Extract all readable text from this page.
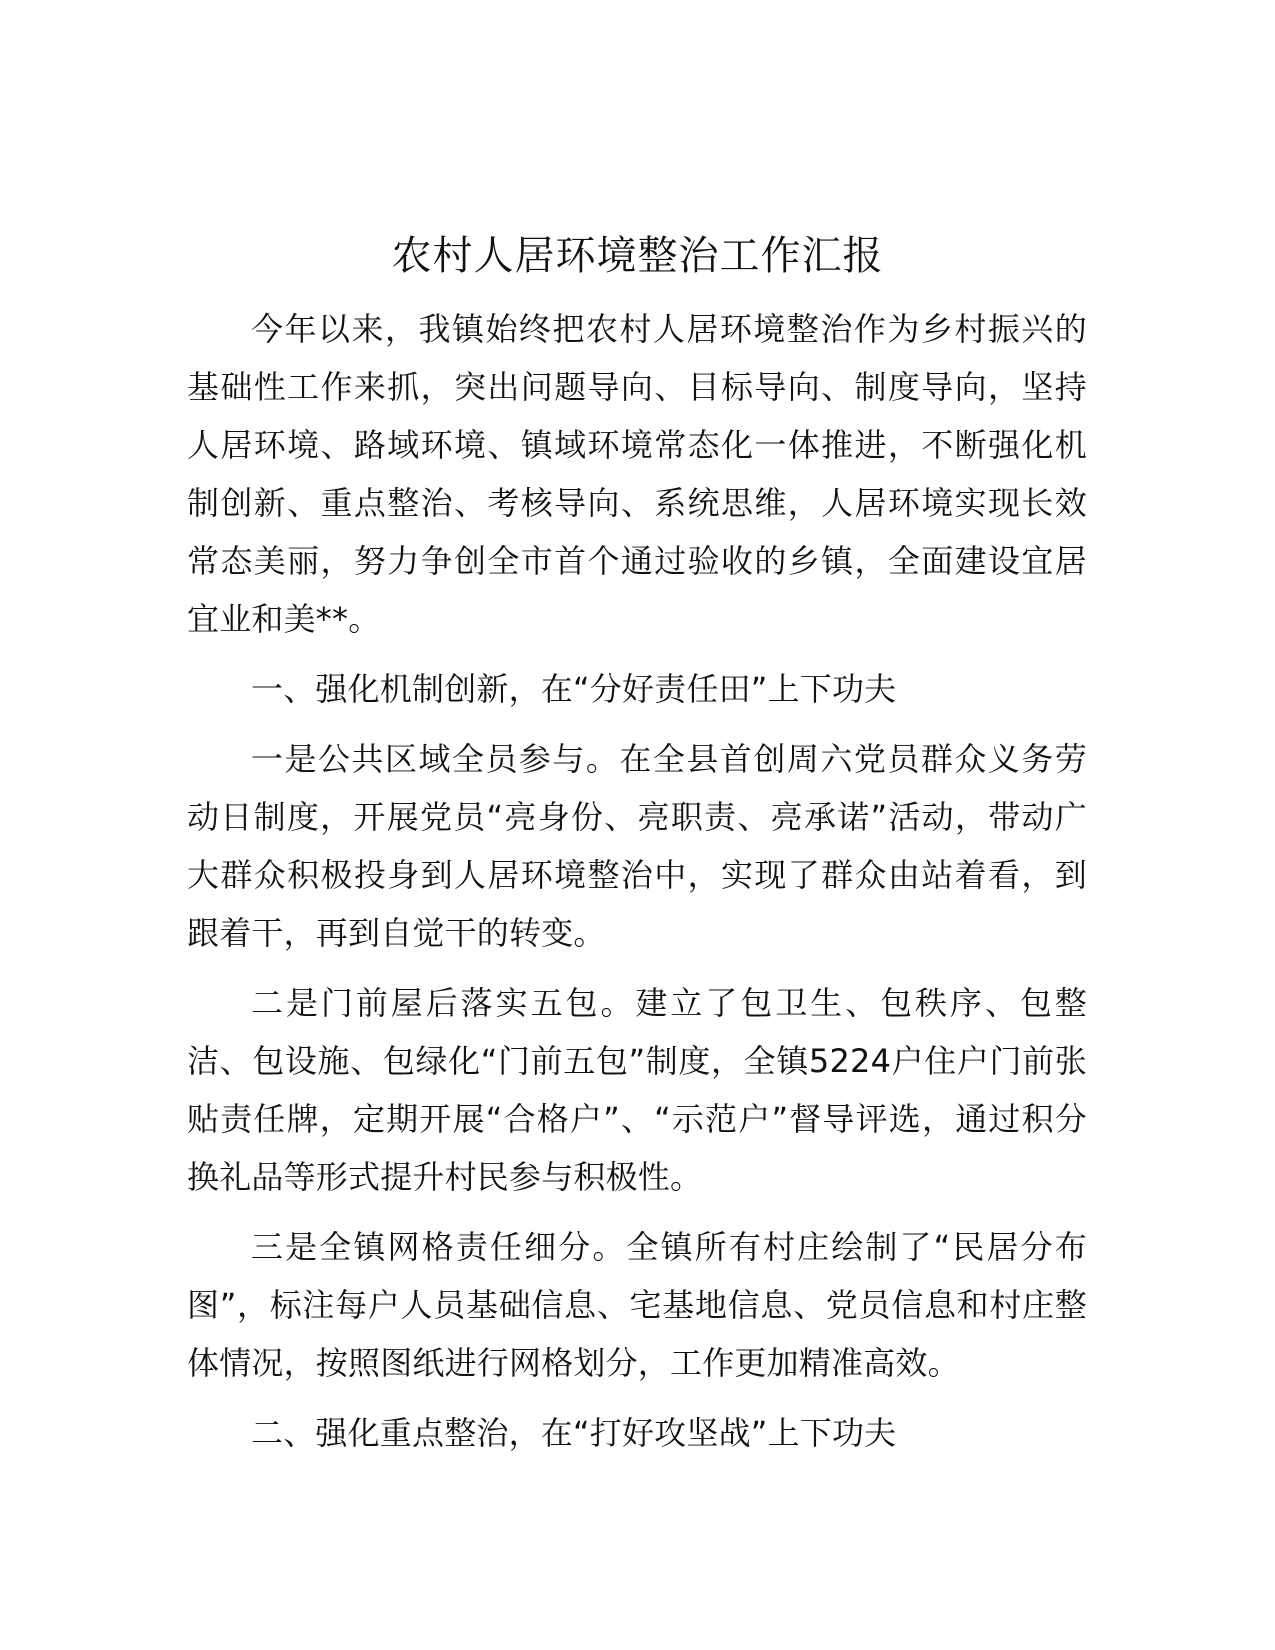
农村人居环境整治工作汇报

今年以来，我镇始终把农村人居环境整治作为乡村振兴的基础性工作来抓，突出问题导向、目标导向、制度导向，坚持人居环境、路域环境、镇域环境常态化一体推进，不断强化机制创新、重点整治、考核导向、系统思维，人居环境实现长效常态美丽，努力争创全市首个通过验收的乡镇，全面建设宜居宜业和美**。

一、强化机制创新，在“分好责任田”上下功夫

一是公共区域全员参与。在全县首创周六党员群众义务劳动日制度，开展党员“亮身份、亮职责、亮承诺”活动，带动广大群众积极投身到人居环境整治中，实现了群众由站着看，到跟着干，再到自觉干的转变。

二是门前屋后落实五包。建立了包卫生、包秩序、包整洁、包设施、包绿化“门前五包”制度，全镇5224户住户门前张贴责任牌，定期开展“合格户”、“示范户”督导评选，通过积分换礼品等形式提升村民参与积极性。

三是全镇网格责任细分。全镇所有村庄绘制了“民居分布图”，标注每户人员基础信息、宅基地信息、党员信息和村庄整体情况，按照图纸进行网格划分，工作更加精准高效。

二、强化重点整治，在“打好攻坚战”上下功夫
